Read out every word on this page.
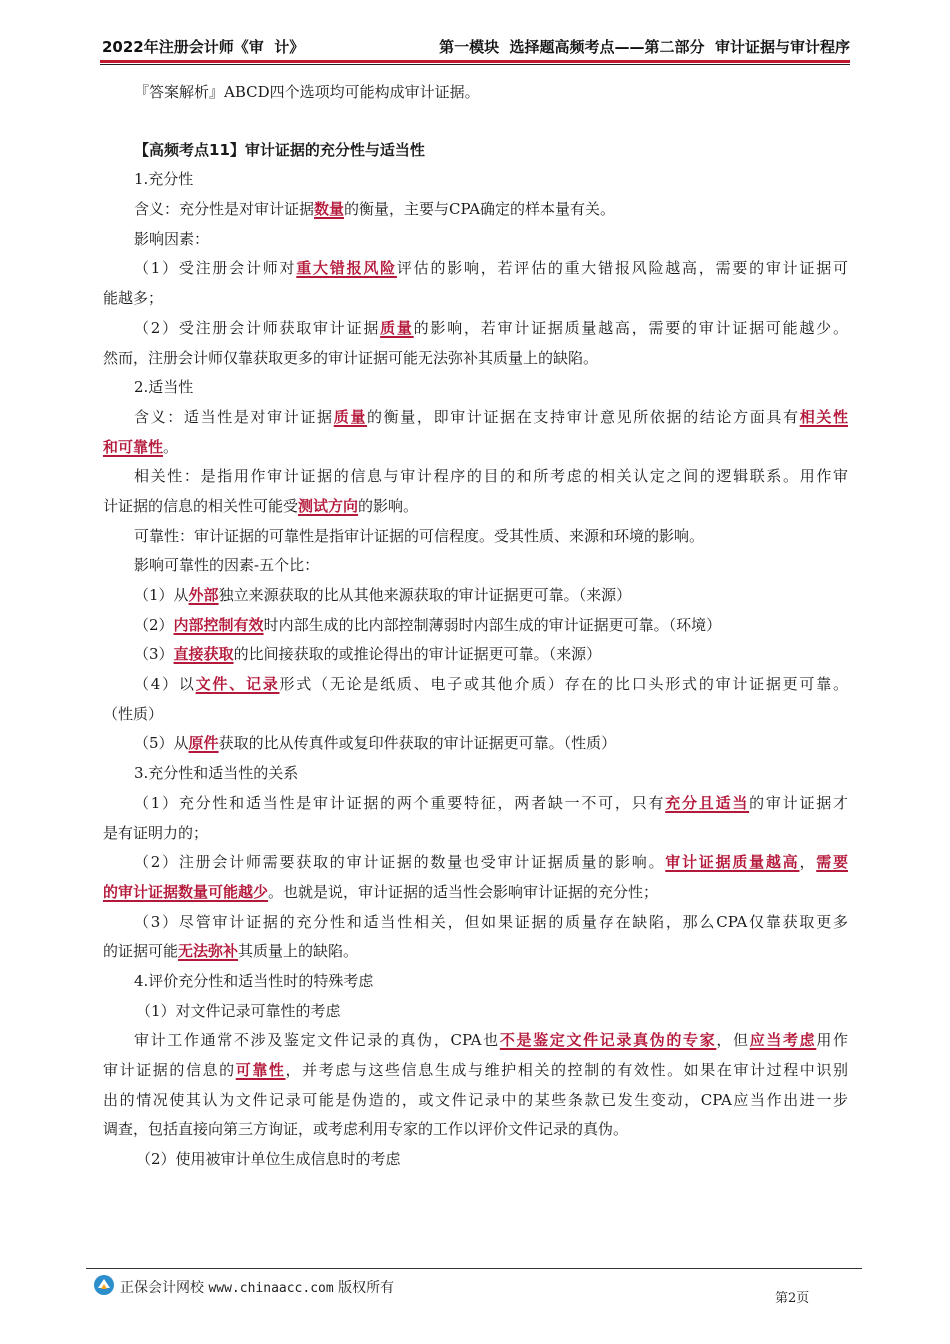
2022年注册会计师《审  计》	第一模块  选择题高频考点——第二部分  审计证据与审计程序
『答案解析』ABCD四个选项均可能构成审计证据。
【高频考点11】审计证据的充分性与适当性
1.充分性
含义：充分性是对审计证据数量的衡量，主要与CPA确定的样本量有关。
影响因素：
（1）受注册会计师对重大错报风险评估的影响，若评估的重大错报风险越高，需要的审计证据可
能越多；
（2）受注册会计师获取审计证据质量的影响，若审计证据质量越高，需要的审计证据可能越少。
然而，注册会计师仅靠获取更多的审计证据可能无法弥补其质量上的缺陷。
2.适当性
含义：适当性是对审计证据质量的衡量，即审计证据在支持审计意见所依据的结论方面具有相关性
和可靠性。
相关性：是指用作审计证据的信息与审计程序的目的和所考虑的相关认定之间的逻辑联系。用作审
计证据的信息的相关性可能受测试方向的影响。
可靠性：审计证据的可靠性是指审计证据的可信程度。受其性质、来源和环境的影响。
影响可靠性的因素-五个比：
（1）从外部独立来源获取的比从其他来源获取的审计证据更可靠。（来源）
（2）内部控制有效时内部生成的比内部控制薄弱时内部生成的审计证据更可靠。（环境）
（3）直接获取的比间接获取的或推论得出的审计证据更可靠。（来源）
（4）以文件、记录形式（无论是纸质、电子或其他介质）存在的比口头形式的审计证据更可靠。
（性质）
（5）从原件获取的比从传真件或复印件获取的审计证据更可靠。（性质）
3.充分性和适当性的关系
（1）充分性和适当性是审计证据的两个重要特征，两者缺一不可，只有充分且适当的审计证据才
是有证明力的；
（2）注册会计师需要获取的审计证据的数量也受审计证据质量的影响。审计证据质量越高，需要
的审计证据数量可能越少。也就是说，审计证据的适当性会影响审计证据的充分性；
（3）尽管审计证据的充分性和适当性相关，但如果证据的质量存在缺陷，那么CPA仅靠获取更多
的证据可能无法弥补其质量上的缺陷。
4.评价充分性和适当性时的特殊考虑
（1）对文件记录可靠性的考虑
审计工作通常不涉及鉴定文件记录的真伪，CPA也不是鉴定文件记录真伪的专家，但应当考虑用作
审计证据的信息的可靠性，并考虑与这些信息生成与维护相关的控制的有效性。如果在审计过程中识别
出的情况使其认为文件记录可能是伪造的，或文件记录中的某些条款已发生变动，CPA应当作出进一步
调查，包括直接向第三方询证，或考虑利用专家的工作以评价文件记录的真伪。
（2）使用被审计单位生成信息时的考虑
正保会计网校 www.chinaacc.com 版权所有
第2页
